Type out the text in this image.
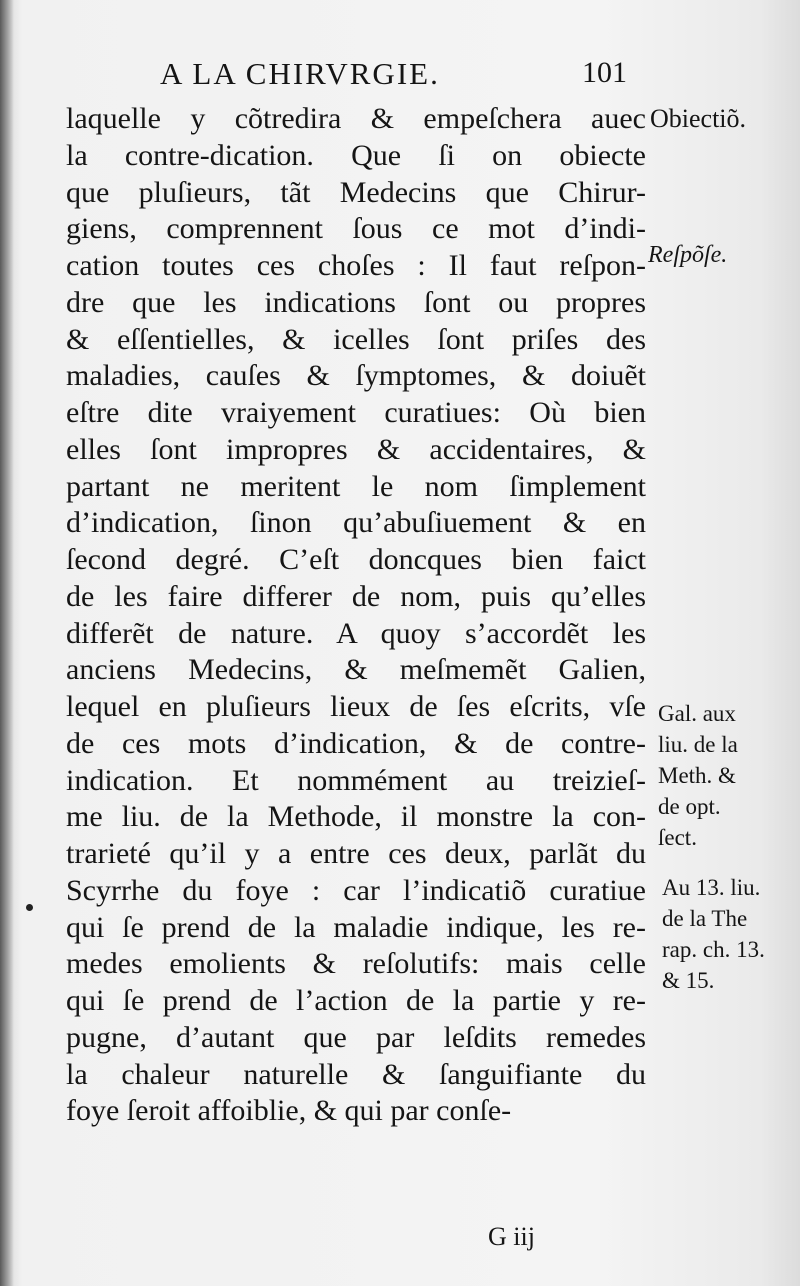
A LA CHIRVRGIE.	101
laquelle y cõtredira & empeſchera auec
la contre-dication. Que ſi on obiecte
que pluſieurs, tãt Medecins que Chirur-
giens, comprennent ſous ce mot d’indi-
cation toutes ces choſes : Il faut reſpon-
dre que les indications ſont ou propres
& eſſentielles, & icelles ſont priſes des
maladies, cauſes & ſymptomes, & doiuẽt
eſtre dite vraiyement curatiues: Où bien
elles ſont impropres & accidentaires, &
partant ne meritent le nom ſimplement
d’indication, ſinon qu’abuſiuement & en
ſecond degré. C’eſt doncques bien faict
de les faire differer de nom, puis qu’elles
differẽt de nature. A quoy s’accordẽt les
anciens Medecins, & meſmemẽt Galien,
lequel en pluſieurs lieux de ſes eſcrits, vſe
de ces mots d’indication, & de contre-
indication. Et nommément au treizieſ-
me liu. de la Methode, il monstre la con-
trarieté qu’il y a entre ces deux, parlãt du
Scyrrhe du foye : car l’indicatiõ curatiue
qui ſe prend de la maladie indique, les re-
medes emolients & reſolutifs: mais celle
qui ſe prend de l’action de la partie y re-
pugne, d’autant que par leſdits remedes
la chaleur naturelle & ſanguifiante du
foye ſeroit affoiblie, & qui par conſe-
Obiectiõ.
Reſpõſe.
Gal. aux
liu. de la
Meth. &
de opt.
ſect.
Au 13. liu.
de la The
rap. ch. 13.
& 15.
G iij
